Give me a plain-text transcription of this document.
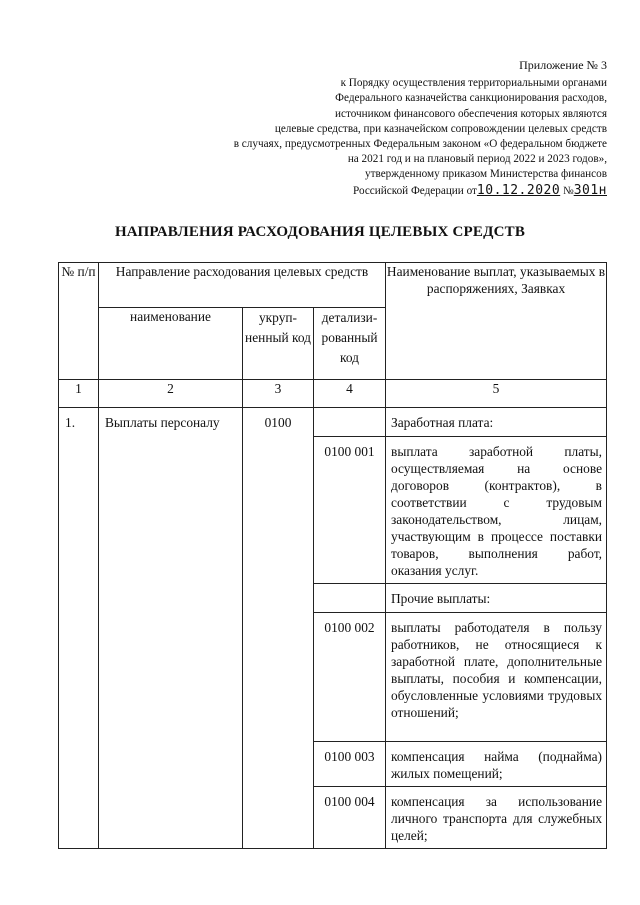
Приложение № 3
к Порядку осуществления территориальными органами
Федерального казначейства санкционирования расходов,
источником финансового обеспечения которых являются
целевые средства, при казначейском сопровождении целевых средств
в случаях, предусмотренных Федеральным законом «О федеральном бюджете
на 2021 год и на плановый период 2022 и 2023 годов»,
утвержденному приказом Министерства финансов
Российской Федерации от10.12.2020 №301н
НАПРАВЛЕНИЯ РАСХОДОВАНИЯ ЦЕЛЕВЫХ СРЕДСТВ
№ п/п	Направление расходования целевых средств			Наименование выплат, указываемых в распоряжениях, Заявках
	наименование	укруп-ненный код	детализи-рованный код	
1	2	3	4	5
1.	Выплаты персоналу	0100		Заработная плата:
			0100 001	выплата заработной платы, осуществляемая на основе договоров (контрактов), в соответствии с трудовым законодательством, лицам, участвующим в процессе поставки товаров, выполнения работ, оказания услуг.
				Прочие выплаты:
			0100 002	выплаты работодателя в пользу работников, не относящиеся к заработной плате, дополнительные выплаты, пособия и компенсации, обусловленные условиями трудовых отношений;
			0100 003	компенсация найма (поднайма) жилых помещений;
			0100 004	компенсация за использование личного транспорта для служебных целей;
